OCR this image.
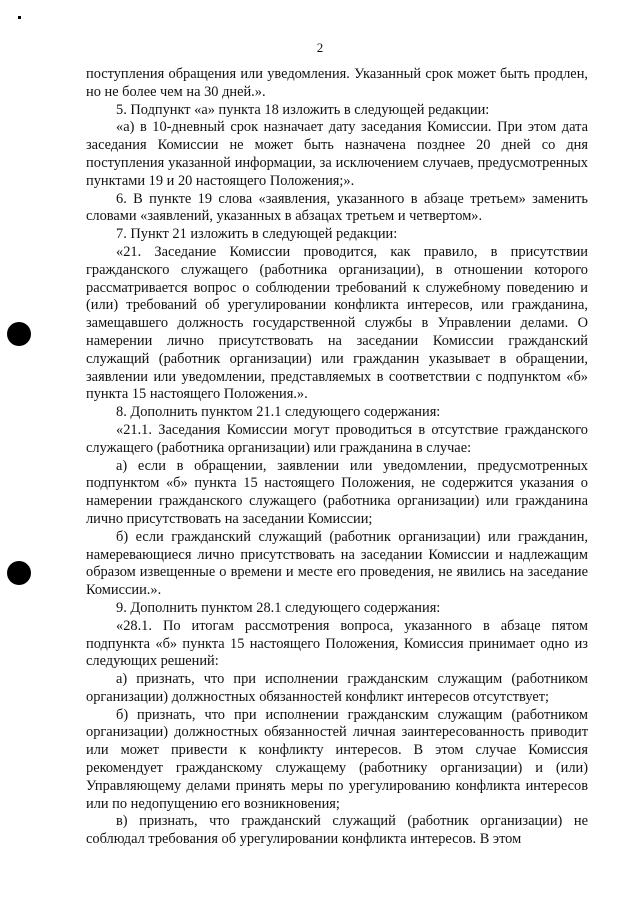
2

поступления обращения или уведомления. Указанный срок может быть продлен, но не более чем на 30 дней.».

5. Подпункт «а» пункта 18 изложить в следующей редакции:

«а) в 10-дневный срок назначает дату заседания Комиссии. При этом дата заседания Комиссии не может быть назначена позднее 20 дней со дня поступления указанной информации, за исключением случаев, предусмотренных пунктами 19 и 20 настоящего Положения;».

6. В пункте 19 слова «заявления, указанного в абзаце третьем» заменить словами «заявлений, указанных в абзацах третьем и четвертом».

7. Пункт 21 изложить в следующей редакции:

«21. Заседание Комиссии проводится, как правило, в присутствии гражданского служащего (работника организации), в отношении которого рассматривается вопрос о соблюдении требований к служебному поведению и (или) требований об урегулировании конфликта интересов, или гражданина, замещавшего должность государственной службы в Управлении делами. О намерении лично присутствовать на заседании Комиссии гражданский служащий (работник организации) или гражданин указывает в обращении, заявлении или уведомлении, представляемых в соответствии с подпунктом «б» пункта 15 настоящего Положения.».

8. Дополнить пунктом 21.1 следующего содержания:

«21.1. Заседания Комиссии могут проводиться в отсутствие гражданского служащего (работника организации) или гражданина в случае:

а) если в обращении, заявлении или уведомлении, предусмотренных подпунктом «б» пункта 15 настоящего Положения, не содержится указания о намерении гражданского служащего (работника организации) или гражданина лично присутствовать на заседании Комиссии;

б) если гражданский служащий (работник организации) или гражданин, намеревающиеся лично присутствовать на заседании Комиссии и надлежащим образом извещенные о времени и месте его проведения, не явились на заседание Комиссии.».

9. Дополнить пунктом 28.1 следующего содержания:

«28.1. По итогам рассмотрения вопроса, указанного в абзаце пятом подпункта «б» пункта 15 настоящего Положения, Комиссия принимает одно из следующих решений:

а) признать, что при исполнении гражданским служащим (работником организации) должностных обязанностей конфликт интересов отсутствует;

б) признать, что при исполнении гражданским служащим (работником организации) должностных обязанностей личная заинтересованность приводит или может привести к конфликту интересов. В этом случае Комиссия рекомендует гражданскому служащему (работнику организации) и (или) Управляющему делами принять меры по урегулированию конфликта интересов или по недопущению его возникновения;

в) признать, что гражданский служащий (работник организации) не соблюдал требования об урегулировании конфликта интересов. В этом
